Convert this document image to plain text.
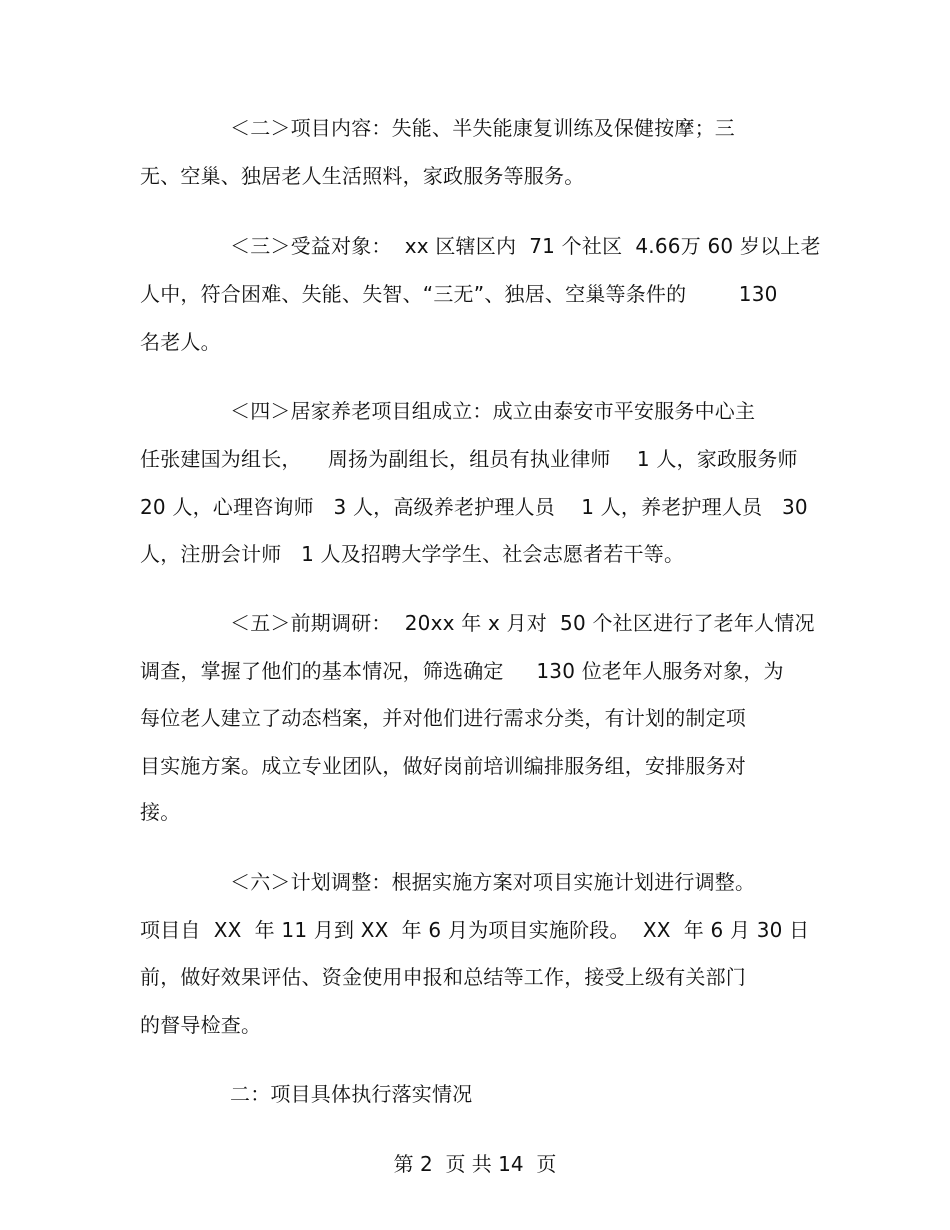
＜二＞项目内容：失能、半失能康复训练及保健按摩；三
无、空巢、独居老人生活照料，家政服务等服务。
＜三＞受益对象：  xx 区辖区内  71 个社区  4.66万 60 岁以上老
人中，符合困难、失能、失智、“三无”、独居、空巢等条件的        130
名老人。
＜四＞居家养老项目组成立：成立由泰安市平安服务中心主
任张建国为组长，    周扬为副组长，组员有执业律师    1 人，家政服务师
20 人，心理咨询师   3 人，高级养老护理人员    1 人，养老护理人员   30
人，注册会计师   1 人及招聘大学学生、社会志愿者若干等。
＜五＞前期调研：  20xx 年 x 月对  50 个社区进行了老年人情况
调查，掌握了他们的基本情况，筛选确定     130 位老年人服务对象，为
每位老人建立了动态档案，并对他们进行需求分类，有计划的制定项
目实施方案。成立专业团队，做好岗前培训编排服务组，安排服务对
接。
＜六＞计划调整：根据实施方案对项目实施计划进行调整。
项目自  XX  年 11 月到 XX  年 6 月为项目实施阶段。  XX  年 6 月 30 日
前，做好效果评估、资金使用申报和总结等工作，接受上级有关部门
的督导检查。
二：项目具体执行落实情况
第 2  页 共 14  页
